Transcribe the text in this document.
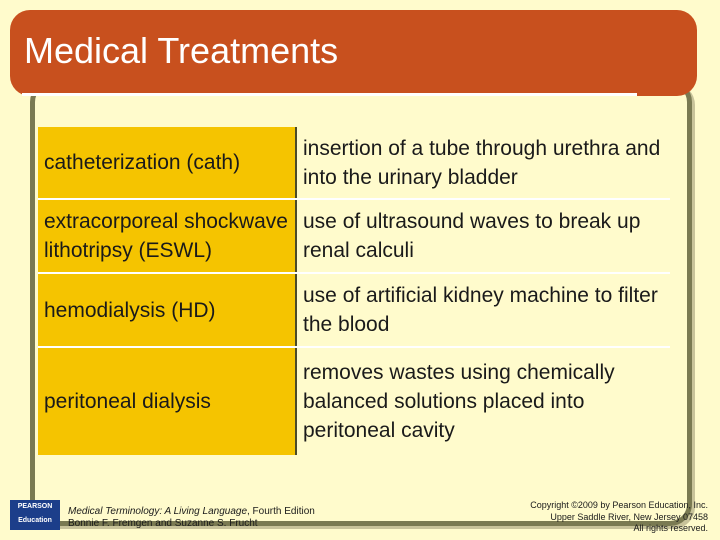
Medical Treatments
catheterization (cath)	insertion of a tube through urethra and into the urinary bladder
extracorporeal shockwave lithotripsy (ESWL)	use of ultrasound waves to break up renal calculi
hemodialysis (HD)	use of artificial kidney machine to filter the blood
peritoneal dialysis	removes wastes using chemically balanced solutions placed into peritoneal cavity
PEARSON
Education
Medical Terminology: A Living Language, Fourth Edition
Bonnie F. Fremgen and Suzanne S. Frucht
Copyright ©2009 by Pearson Education, Inc.
Upper Saddle River, New Jersey 07458
All rights reserved.
